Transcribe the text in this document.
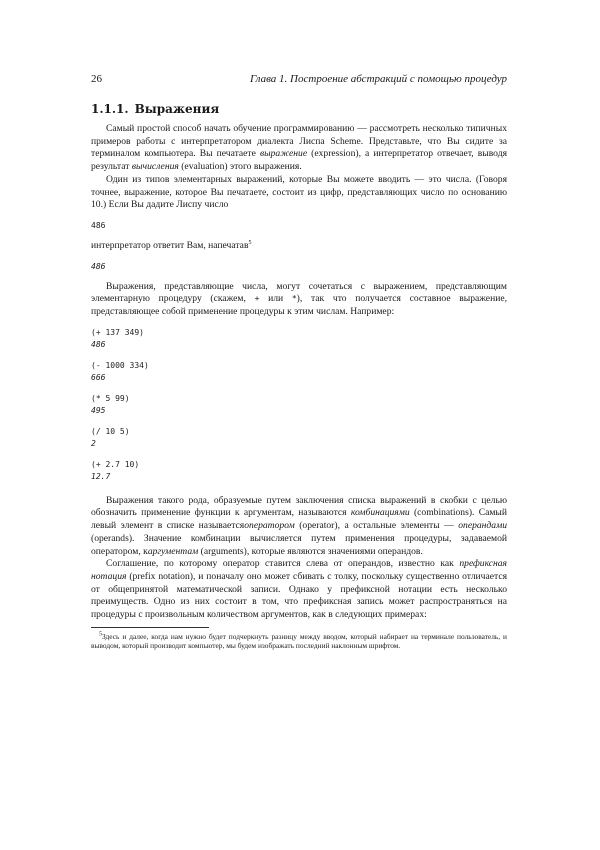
26	Глава 1. Построение абстракций с помощью процедур
1.1.1. Выражения

Самый простой способ начать обучение программированию — рассмотреть несколько типичных примеров работы с интерпретатором диалекта Лиспа Scheme. Представьте, что Вы сидите за терминалом компьютера. Вы печатаете выражение (expression), а интерпретатор отвечает, выводя результат вычисления (evaluation) этого выражения.

Один из типов элементарных выражений, которые Вы можете вводить — это числа. (Говоря точнее, выражение, которое Вы печатаете, состоит из цифр, представляющих число по основанию 10.) Если Вы дадите Лиспу число

486

интерпретатор ответит Вам, напечатав$^5$

486

Выражения, представляющие числа, могут сочетаться с выражением, представляющим элементарную процедуру (скажем, + или *), так что получается составное выражение, представляющее собой применение процедуры к этим числам. Например:

(+ 137 349)
486
(- 1000 334)
666
(* 5 99)
495
(/ 10 5)
2
(+ 2.7 10)
12.7

Выражения такого рода, образуемые путем заключения списка выражений в скобки с целью обозначить применение функции к аргументам, называются комбинациями (combinations). Самый левый элемент в списке называетсяоператором (operator), а остальные элементы — операндами (operands). Значение комбинации вычисляется путем применения процедуры, задаваемой оператором, каргументам (arguments), которые являются значениями операндов.

Соглашение, по которому оператор ставится слева от операндов, известно как префиксная нотация (prefix notation), и поначалу оно может сбивать с толку, поскольку существенно отличается от общепринятой математической записи. Однако у префиксной нотации есть несколько преимуществ. Одно из них состоит в том, что префиксная запись может распространяться на процедуры с произвольным количеством аргументов, как в следующих примерах:

$^5$Здесь и далее, когда нам нужно будет подчеркнуть разницу между вводом, который набирает на терминале пользователь, и выводом, который производит компьютер, мы будем изображать последний наклонным шрифтом.
